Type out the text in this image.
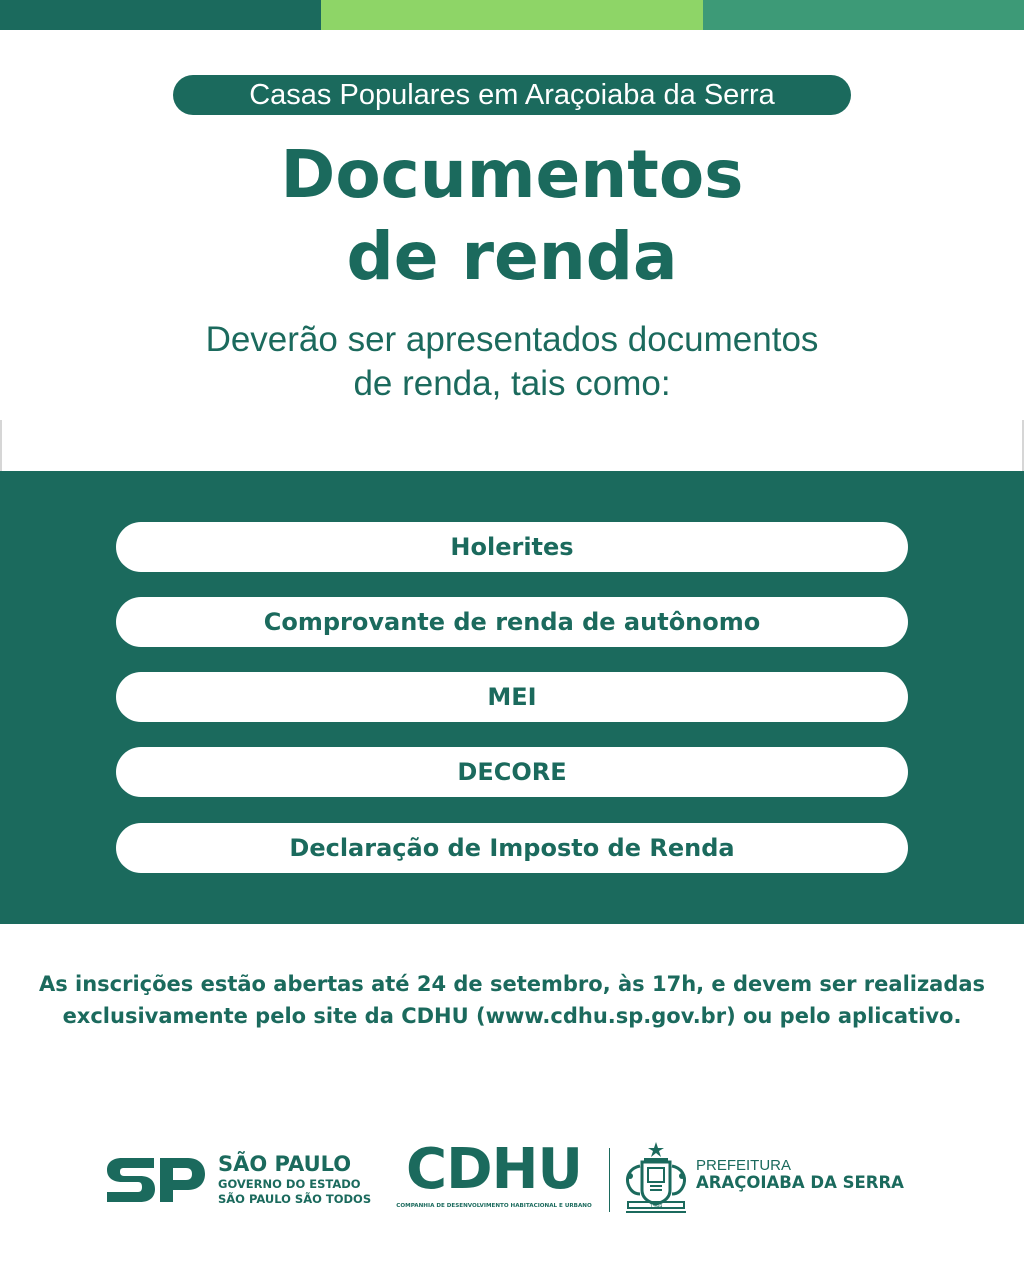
Casas Populares em Araçoiaba da Serra
Documentos
de renda
Deverão ser apresentados documentos
de renda, tais como:
Holerites
Comprovante de renda de autônomo
MEI
DECORE
Declaração de Imposto de Renda
As inscrições estão abertas até 24 de setembro, às 17h, e devem ser realizadas
exclusivamente pelo site da CDHU (www.cdhu.sp.gov.br) ou pelo aplicativo.
SÃO PAULO
GOVERNO DO ESTADO
SÃO PAULO SÃO TODOS CDHU
COMPANHIA DE DESENVOLVIMENTO HABITACIONAL E URBANO	1944
PREFEITURA
ARAÇOIABA DA SERRA
